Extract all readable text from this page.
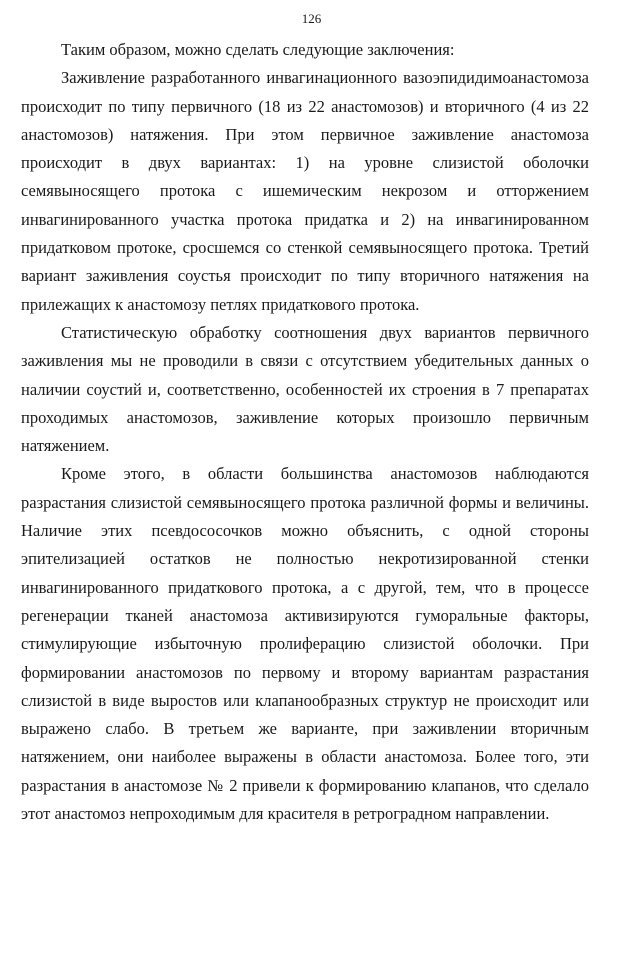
126

Таким образом, можно сделать следующие заключения:

Заживление разработанного инвагинационного вазоэпидидимоанастомоза происходит по типу первичного (18 из 22 анастомозов) и вторичного (4 из 22 анастомозов) натяжения. При этом первичное заживление анастомоза происходит в двух вариантах: 1) на уровне слизистой оболочки семявыносящего протока с ишемическим некрозом и отторжением инвагинированного участка протока придатка и 2) на инвагинированном придатковом протоке, сросшемся со стенкой семявыносящего протока. Третий вариант заживления соустья происходит по типу вторичного натяжения на прилежащих к анастомозу петлях придаткового протока.

Статистическую обработку соотношения двух вариантов первичного заживления мы не проводили в связи с отсутствием убедительных данных о наличии соустий и, соответственно, особенностей их строения в 7 препаратах проходимых анастомозов, заживление которых произошло первичным натяжением.

Кроме этого, в области большинства анастомозов наблюдаются разрастания слизистой семявыносящего протока различной формы и величины. Наличие этих псевдососочков можно объяснить, с одной стороны эпителизацией остатков не полностью некротизированной стенки инвагинированного придаткового протока, а с другой, тем, что в процессе регенерации тканей анастомоза активизируются гуморальные факторы, стимулирующие избыточную пролиферацию слизистой оболочки. При формировании анастомозов по первому и второму вариантам разрастания слизистой в виде выростов или клапанообразных структур не происходит или выражено слабо. В третьем же варианте, при заживлении вторичным натяжением, они наиболее выражены в области анастомоза. Более того, эти разрастания в анастомозе № 2 привели к формированию клапанов, что сделало этот анастомоз непроходимым для красителя в ретроградном направлении.
